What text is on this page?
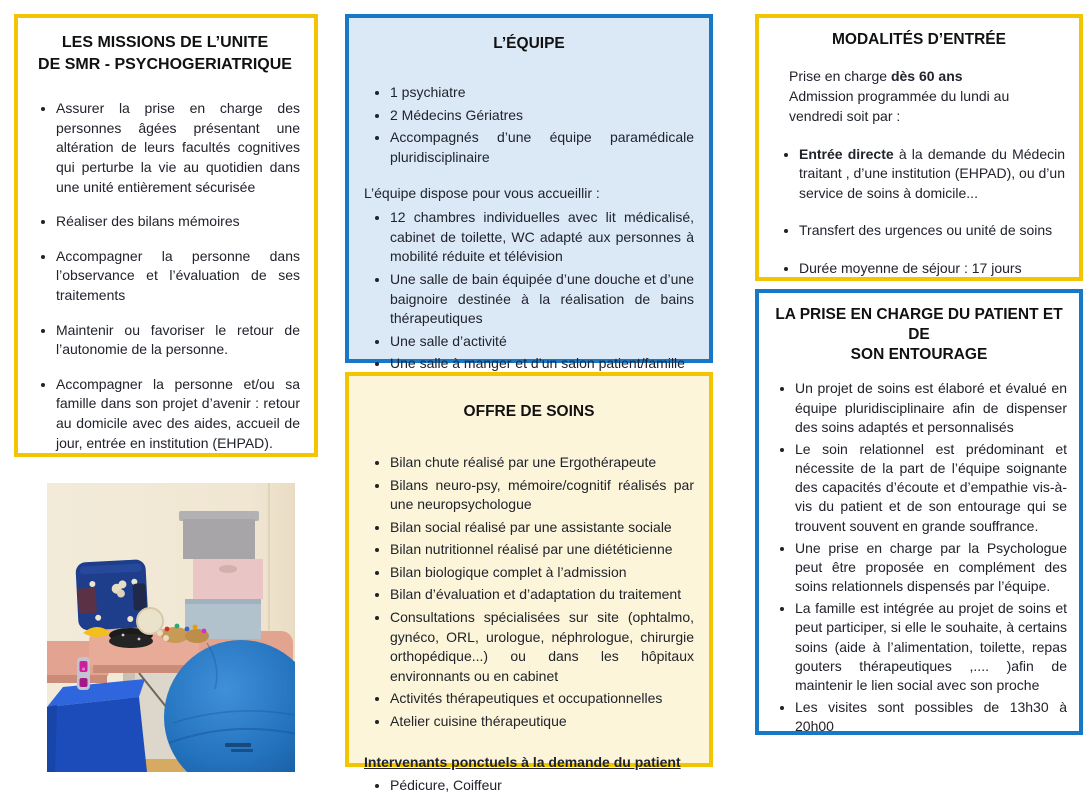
LES MISSIONS DE L’UNITE
DE SMR - PSYCHOGERIATRIQUE
• Assurer la prise en charge des personnes âgées présentant une altération de leurs facultés cognitives qui perturbe la vie au quotidien dans une unité entièrement sécurisée
• Réaliser des bilans mémoires
• Accompagner la personne dans l’observance et l’évaluation de ses traitements
• Maintenir ou favoriser le retour de l’autonomie de la personne.
• Accompagner la personne et/ou sa famille dans son projet d’avenir : retour au domicile avec des aides, accueil de jour, entrée en institution (EHPAD).
L’ÉQUIPE
• 1 psychiatre
• 2 Médecins Gériatres
• Accompagnés d’une équipe paramédicale pluridisciplinaire

L’équipe dispose pour vous accueillir :

• 12 chambres individuelles avec lit médicalisé, cabinet de toilette, WC adapté aux personnes à mobilité réduite et télévision
• Une salle de bain équipée d’une douche et d’une baignoire destinée à la réalisation de bains thérapeutiques
• Une salle d’activité
• Une salle à manger et d’un salon patient/famille
•
OFFRE DE SOINS
• Bilan chute réalisé par une Ergothérapeute
• Bilans neuro-psy, mémoire/cognitif réalisés par une neuropsychologue
• Bilan social réalisé par une assistante sociale
• Bilan nutritionnel réalisé par une diététicienne
• Bilan biologique complet à l’admission
• Bilan d’évaluation et d’adaptation du traitement
• Consultations spécialisées sur site (ophtalmo, gynéco, ORL, urologue, néphrologue, chirurgie orthopédique...) ou dans les hôpitaux environnants ou en cabinet
• Activités thérapeutiques et occupationnelles
• Atelier cuisine thérapeutique

Intervenants ponctuels à la demande du patient

• Pédicure, Coiffeur
MODALITÉS D’ENTRÉE

Prise en charge dès 60 ans

Admission programmée du lundi au vendredi soit par :

• Entrée directe à la demande du Médecin traitant , d’une institution (EHPAD), ou d’un service de soins à domicile...
• Transfert des urgences ou unité de soins
• Durée moyenne de séjour : 17 jours
LA PRISE EN CHARGE DU PATIENT ET DE
SON ENTOURAGE
• Un projet de soins est élaboré et évalué en équipe pluridisciplinaire afin de dispenser des soins adaptés et personnalisés
• Le soin relationnel est prédominant et nécessite de la part de l’équipe soignante des capacités d’écoute et d’empathie vis-à-vis du patient et de son entourage qui se trouvent souvent en grande souffrance.
• Une prise en charge par la Psychologue peut être proposée en complément des soins relationnels dispensés par l’équipe.
• La famille est intégrée au projet de soins et peut participer, si elle le souhaite, à certains soins (aide à l’alimentation, toilette, repas gouters thérapeutiques ,.... )afin de maintenir le lien social avec son proche
• Les visites sont possibles de 13h30 à 20h00
